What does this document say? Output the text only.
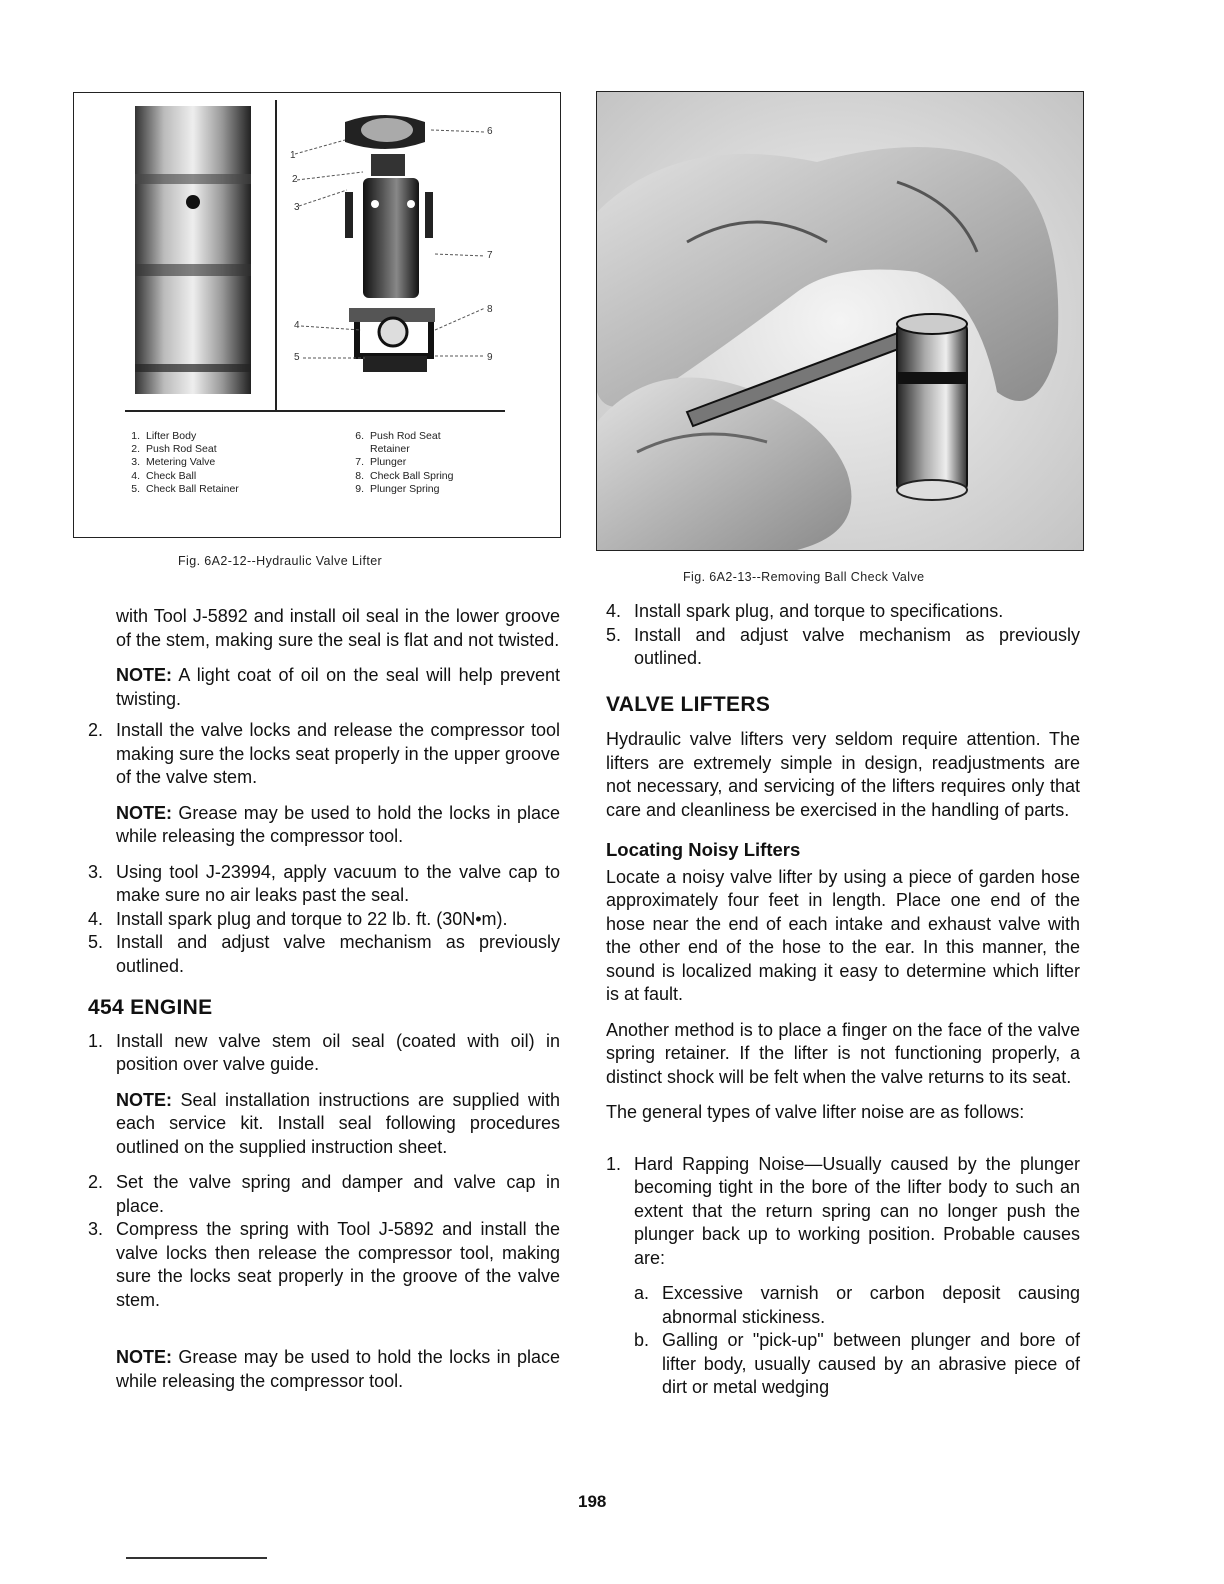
1
2
3
4
5
6
7
8
9
1. Lifter Body
2. Push Rod Seat
3. Metering Valve
4. Check Ball
5. Check Ball Retainer
6. Push Rod Seat
Retainer
7. Plunger
8. Check Ball Spring
9. Plunger Spring
Fig. 6A2-12--Hydraulic Valve Lifter
Fig. 6A2-13--Removing Ball Check Valve
with Tool J-5892 and install oil seal in the lower groove of the stem, making sure the seal is flat and not twisted.
NOTE: A light coat of oil on the seal will help prevent twisting.
2. Install the valve locks and release the compressor tool making sure the locks seat properly in the upper groove of the valve stem.
NOTE: Grease may be used to hold the locks in place while releasing the compressor tool.
3. Using tool J-23994, apply vacuum to the valve cap to make sure no air leaks past the seal.
4. Install spark plug and torque to 22 lb. ft. (30N•m).
5. Install and adjust valve mechanism as previously outlined.
454 ENGINE
1. Install new valve stem oil seal (coated with oil) in position over valve guide.
NOTE: Seal installation instructions are supplied with each service kit. Install seal following procedures outlined on the supplied instruction sheet.
2. Set the valve spring and damper and valve cap in place.
3. Compress the spring with Tool J-5892 and install the valve locks then release the compressor tool, making sure the locks seat properly in the groove of the valve stem.
NOTE: Grease may be used to hold the locks in place while releasing the compressor tool.
4. Install spark plug, and torque to specifications.
5. Install and adjust valve mechanism as previously outlined.
VALVE LIFTERS
Hydraulic valve lifters very seldom require attention. The lifters are extremely simple in design, readjustments are not necessary, and servicing of the lifters requires only that care and cleanliness be exercised in the handling of parts.
Locating Noisy Lifters
Locate a noisy valve lifter by using a piece of garden hose approximately four feet in length. Place one end of the hose near the end of each intake and exhaust valve with the other end of the hose to the ear. In this manner, the sound is localized making it easy to determine which lifter is at fault.
Another method is to place a finger on the face of the valve spring retainer. If the lifter is not functioning properly, a distinct shock will be felt when the valve returns to its seat.
The general types of valve lifter noise are as follows:
1. Hard Rapping Noise—Usually caused by the plunger becoming tight in the bore of the lifter body to such an extent that the return spring can no longer push the plunger back up to working position. Probable causes are:
a. Excessive varnish or carbon deposit causing abnormal stickiness.
b. Galling or "pick-up" between plunger and bore of lifter body, usually caused by an abrasive piece of dirt or metal wedging
198
